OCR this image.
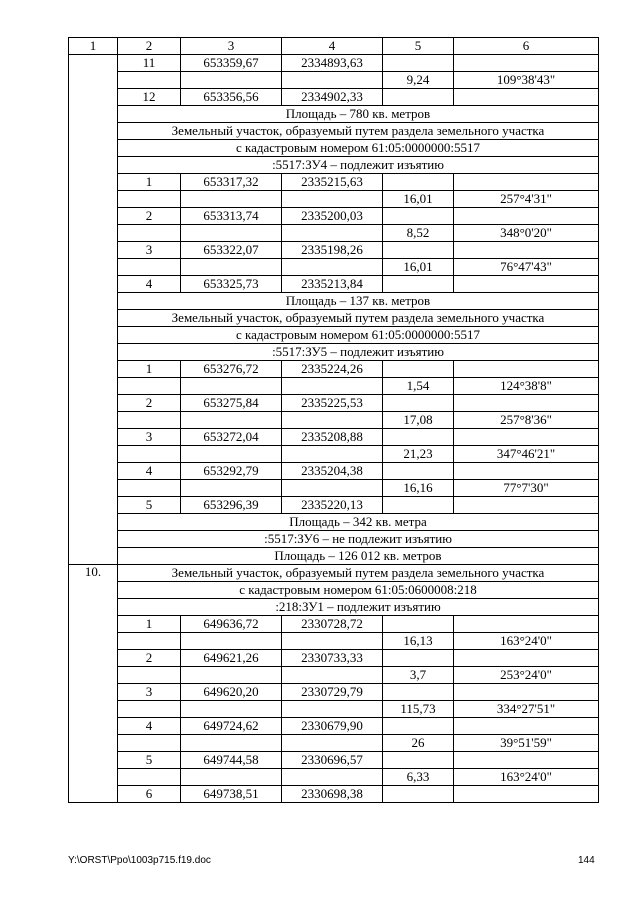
1	2	3	4	5	6
	11	653359,67	2334893,63		
				9,24	109°38'43"
	12	653356,56	2334902,33		
	Площадь – 780 кв. метров				
	Земельный участок, образуемый путем раздела земельного участка				
	с кадастровым номером 61:05:0000000:5517				
	:5517:ЗУ4 – подлежит изъятию				
	1	653317,32	2335215,63		
				16,01	257°4'31"
	2	653313,74	2335200,03		
				8,52	348°0'20"
	3	653322,07	2335198,26		
				16,01	76°47'43"
	4	653325,73	2335213,84		
	Площадь – 137 кв. метров				
	Земельный участок, образуемый путем раздела земельного участка				
	с кадастровым номером 61:05:0000000:5517				
	:5517:ЗУ5 – подлежит изъятию				
	1	653276,72	2335224,26		
				1,54	124°38'8"
	2	653275,84	2335225,53		
				17,08	257°8'36"
	3	653272,04	2335208,88		
				21,23	347°46'21"
	4	653292,79	2335204,38		
				16,16	77°7'30"
	5	653296,39	2335220,13		
	Площадь – 342 кв. метра				
	:5517:ЗУ6 – не подлежит изъятию				
	Площадь – 126 012 кв. метров				
10.	Земельный участок, образуемый путем раздела земельного участка				
	с кадастровым номером 61:05:0600008:218				
	:218:ЗУ1 – подлежит изъятию				
	1	649636,72	2330728,72		
				16,13	163°24'0"
	2	649621,26	2330733,33		
				3,7	253°24'0"
	3	649620,20	2330729,79		
				115,73	334°27'51"
	4	649724,62	2330679,90		
				26	39°51'59"
	5	649744,58	2330696,57		
				6,33	163°24'0"
	6	649738,51	2330698,38		
Y:\ORST\Ppo\1003p715.f19.doc	144
